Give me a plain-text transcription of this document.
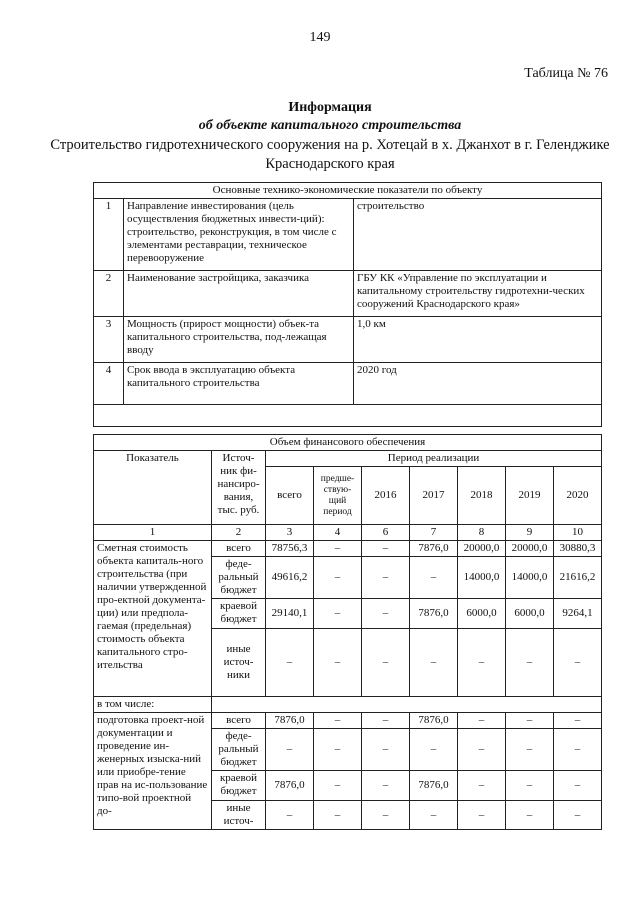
149
Таблица № 76
Информация
об объекте капитального строительства
Строительство гидротехнического сооружения на р. Хотецай в х. Джанхот в г. Геленджике Краснодарского края
Основные технико-экономические показатели по объекту		
1	Направление инвестирования (цель осуществления бюджетных инвести-ций): строительство, реконструкция, в том числе с элементами реставрации, техническое перевооружение	строительство
2	Наименование застройщика, заказчика	ГБУ КК «Управление по эксплуатации и капитальному строительству гидротехни-ческих сооружений Краснодарского края»
3	Мощность (прирост мощности) объек-та капитального строительства, под-лежащая вводу	1,0 км
4	Срок ввода в эксплуатацию объекта капитального строительства	2020 год

Объем финансового обеспечения								
Показатель	Источ-ник фи-нансиро-вания, тыс. руб.	Период реализации						
		всего	предше-ствую-щий период	2016	2017	2018	2019	2020
1	2	3	4	6	7	8	9	10
Сметная стоимость объекта капиталь-ного строительства (при наличии утвержденной про-ектной документа-ции) или предпола-гаемая (предельная) стоимость объекта капитального стро-ительства	всего	78756,3	–	–	7876,0	20000,0	20000,0	30880,3
	феде-ральный бюджет	49616,2	–	–	–	14000,0	14000,0	21616,2
	краевой бюджет	29140,1	–	–	7876,0	6000,0	6000,0	9264,1
	иные источ-ники	–	–	–	–	–	–	–
в том числе:								
подготовка проект-ной документации и проведение ин-женерных изыска-ний или приобре-тение прав на ис-пользование типо-вой проектной до-	всего	7876,0	–	–	7876,0	–	–	–
	феде-ральный бюджет	–	–	–	–	–	–	–
	краевой бюджет	7876,0	–	–	7876,0	–	–	–
	иные источ-	–	–	–	–	–	–	–
